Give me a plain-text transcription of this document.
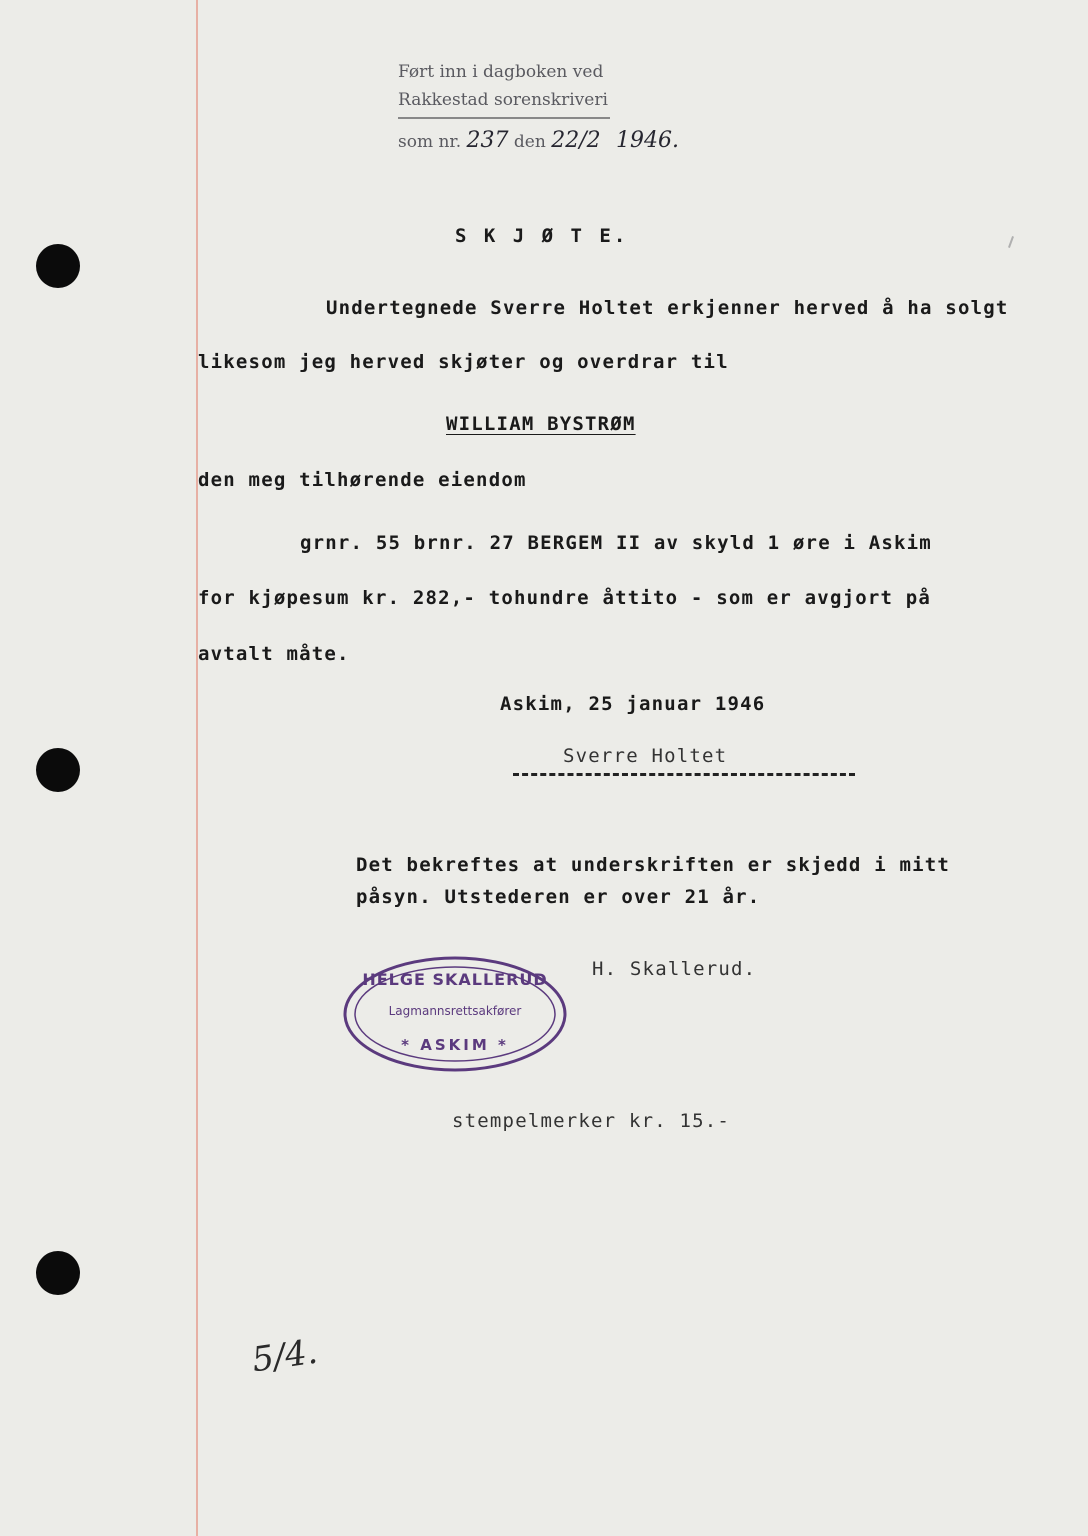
Ført inn i dagboken ved
Rakkestad sorenskriveri
som nr. 237 den 22/2 1946.
S K J Ø T E.
Undertegnede Sverre Holtet erkjenner herved å ha solgt
likesom jeg herved skjøter og overdrar til
WILLIAM BYSTRØM
den meg tilhørende eiendom
grnr. 55 brnr. 27 BERGEM II av skyld 1 øre i Askim
for kjøpesum kr. 282,- tohundre åttito - som er avgjort på
avtalt måte.
Askim, 25 januar 1946
Sverre Holtet
Det bekreftes at underskriften er skjedd i mitt
påsyn. Utstederen er over 21 år.
H. Skallerud.
HELGE SKALLERUD
Lagmannsrettsakfører
* ASKIM *
stempelmerker kr. 15.-
5/4.
